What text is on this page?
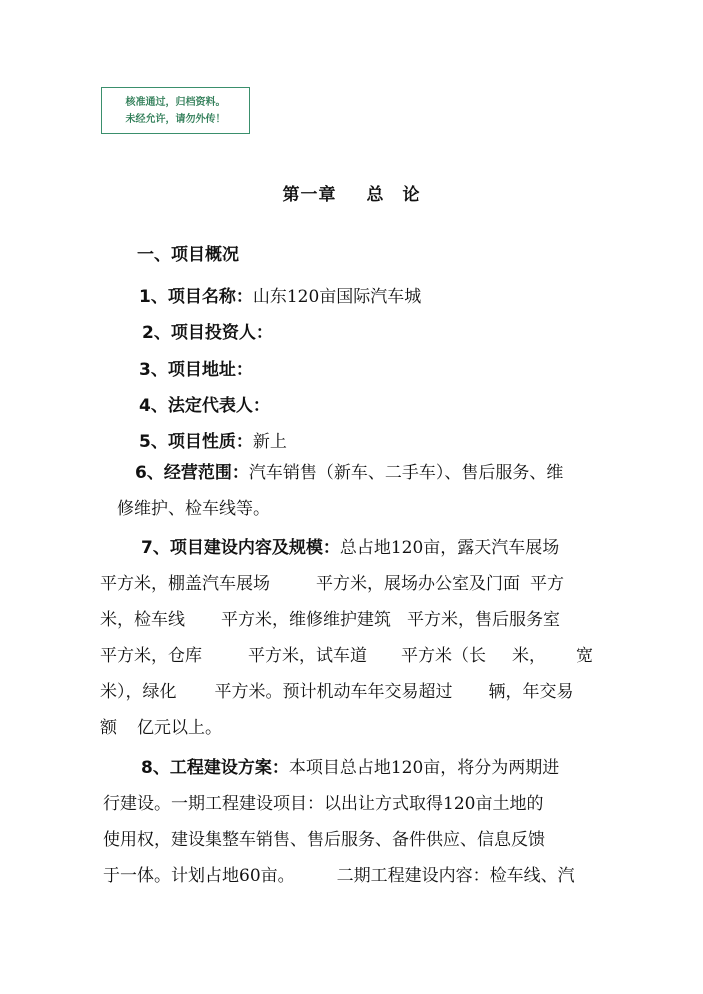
核准通过，归档资料。
未经允许，请勿外传！
第一章 总　论
一、项目概况
1、项目名称：山东120亩国际汽车城
2、项目投资人：
3、项目地址：
4、法定代表人：
5、项目性质：新上
6、经营范围：汽车销售（新车、二手车）、售后服务、维
修维护、检车线等。
7、项目建设内容及规模：总占地120亩，露天汽车展场
平方米，棚盖汽车展场	平方米，展场办公室及门面 平方
米，检车线 平方米，维修维护建筑 平方米，售后服务室
平方米，仓库	平方米，试车道 平方米（长 米， 宽
米），绿化 平方米。预计机动车年交易超过 辆，年交易
额 亿元以上。
8、工程建设方案：本项目总占地120亩，将分为两期进
行建设。一期工程建设项目：以出让方式取得120亩土地的
使用权，建设集整车销售、售后服务、备件供应、信息反馈
于一体。计划占地60亩。 二期工程建设内容：检车线、汽
